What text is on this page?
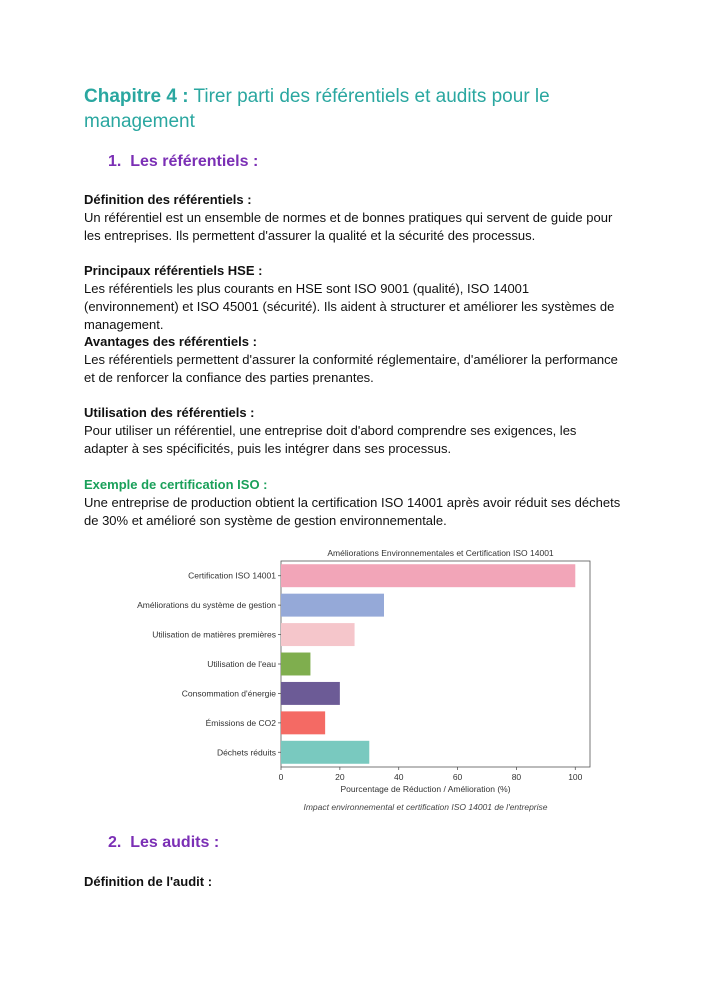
Chapitre 4 : Tirer parti des référentiels et audits pour le management
1. Les référentiels :

Définition des référentiels :

Un référentiel est un ensemble de normes et de bonnes pratiques qui servent de guide pour les entreprises. Ils permettent d'assurer la qualité et la sécurité des processus.

Principaux référentiels HSE :

Les référentiels les plus courants en HSE sont ISO 9001 (qualité), ISO 14001 (environnement) et ISO 45001 (sécurité). Ils aident à structurer et améliorer les systèmes de management.

Avantages des référentiels :

Les référentiels permettent d'assurer la conformité réglementaire, d'améliorer la performance et de renforcer la confiance des parties prenantes.

Utilisation des référentiels :

Pour utiliser un référentiel, une entreprise doit d'abord comprendre ses exigences, les adapter à ses spécificités, puis les intégrer dans ses processus.

Exemple de certification ISO :

Une entreprise de production obtient la certification ISO 14001 après avoir réduit ses déchets de 30% et amélioré son système de gestion environnementale.

Améliorations Environnementales et Certification ISO 14001
Certification ISO 14001
Améliorations du système de gestion
Utilisation de matières premières
Utilisation de l'eau
Consommation d'énergie
Émissions de CO2
Déchets réduits
0	20	40	60	80	100
Pourcentage de Réduction / Amélioration (%)
Impact environnemental et certification ISO 14001 de l'entreprise
2. Les audits :

Définition de l'audit :
